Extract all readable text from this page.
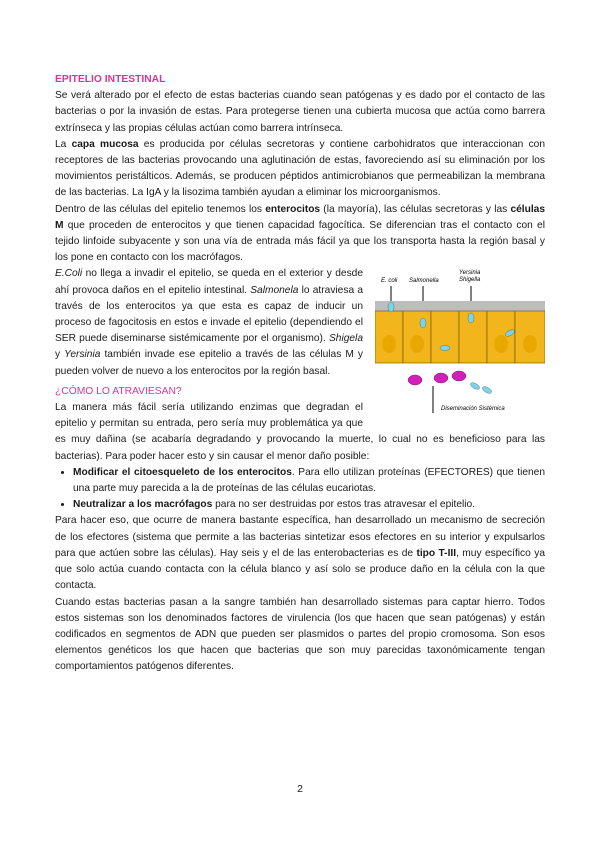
EPITELIO INTESTINAL

Se verá alterado por el efecto de estas bacterias cuando sean patógenas y es dado por el contacto de las bacterias o por la invasión de estas. Para protegerse tienen una cubierta mucosa que actúa como barrera extrínseca y las propias células actúan como barrera intrínseca.

La capa mucosa es producida por células secretoras y contiene carbohidratos que interaccionan con receptores de las bacterias provocando una aglutinación de estas, favoreciendo así su eliminación por los movimientos peristálticos. Además, se producen péptidos antimicrobianos que permeabilizan la membrana de las bacterias. La IgA y la lisozima también ayudan a eliminar los microorganismos.

Dentro de las células del epitelio tenemos los enterocitos (la mayoría), las células secretoras y las células M que proceden de enterocitos y que tienen capacidad fagocítica. Se diferencian tras el contacto con el tejido linfoide subyacente y son una vía de entrada más fácil ya que los transporta hasta la región basal y los pone en contacto con los macrófagos.

E. coli Salmonella
Yersinia
Shigella
Diseminación Sistémica

E.Coli no llega a invadir el epitelio, se queda en el exterior y desde ahí provoca daños en el epitelio intestinal. Salmonela lo atraviesa a través de los enterocitos ya que esta es capaz de inducir un proceso de fagocitosis en estos e invade el epitelio (dependiendo el SER puede diseminarse sistémicamente por el organismo). Shigela y Yersinia también invade ese epitelio a través de las células M y pueden volver de nuevo a los enterocitos por la región basal.

¿CÓMO LO ATRAVIESAN?

La manera más fácil sería utilizando enzimas que degradan el epitelio y permitan su entrada, pero sería muy problemática ya que es muy dañina (se acabaría degradando y provocando la muerte, lo cual no es beneficioso para las bacterias). Para poder hacer esto y sin causar el menor daño posible:

• Modificar el citoesqueleto de los enterocitos. Para ello utilizan proteínas (EFECTORES) que tienen una parte muy parecida a la de proteínas de las células eucariotas.
• Neutralizar a los macrófagos para no ser destruidas por estos tras atravesar el epitelio.

Para hacer eso, que ocurre de manera bastante específica, han desarrollado un mecanismo de secreción de los efectores (sistema que permite a las bacterias sintetizar esos efectores en su interior y expulsarlos para que actúen sobre las células). Hay seis y el de las enterobacterias es de tipo T-III, muy específico ya que solo actúa cuando contacta con la célula blanco y así solo se produce daño en la célula con la que contacta.

Cuando estas bacterias pasan a la sangre también han desarrollado sistemas para captar hierro. Todos estos sistemas son los denominados factores de virulencia (los que hacen que sean patógenas) y están codificados en segmentos de ADN que pueden ser plasmidos o partes del propio cromosoma. Son esos elementos genéticos los que hacen que bacterias que son muy parecidas taxonómicamente tengan comportamientos patógenos diferentes.

2
